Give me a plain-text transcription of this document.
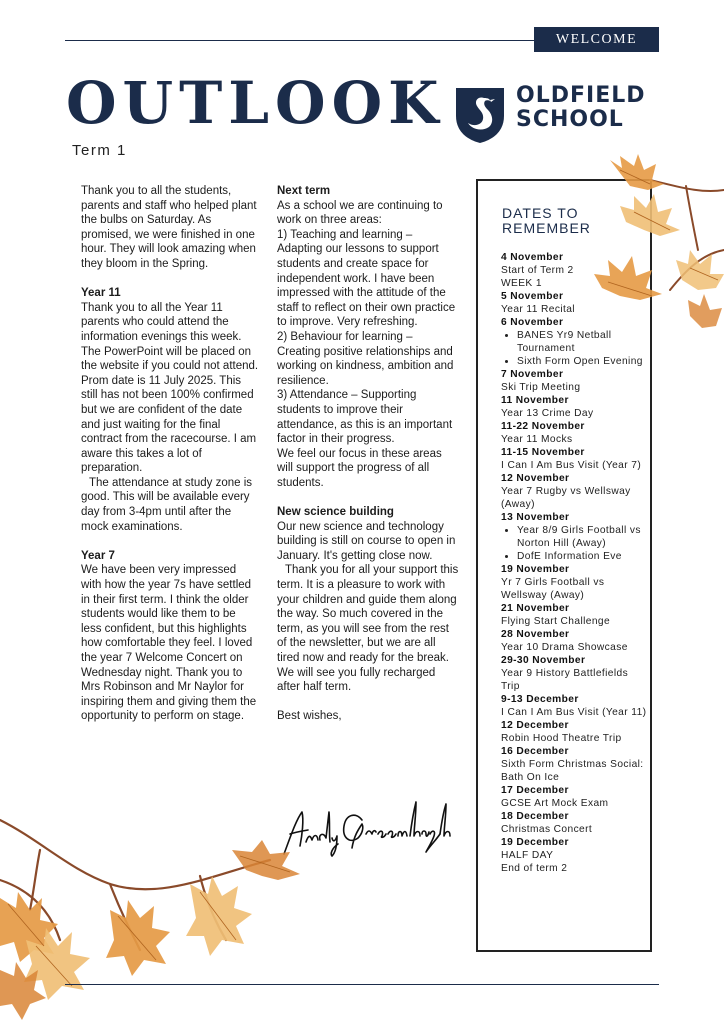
WELCOME
OUTLOOK
Term 1
OLDFIELD
SCHOOL

Thank you to all the students, parents and staff who helped plant the bulbs on Saturday. As promised, we were finished in one hour. They will look amazing when they bloom in the Spring.

Year 11

Thank you to all the Year 11 parents who could attend the information evenings this week. The PowerPoint will be placed on the website if you could not attend. Prom date is 11 July 2025. This still has not been 100% confirmed but we are confident of the date and just waiting for the final contract from the racecourse. I am aware this takes a lot of preparation.

The attendance at study zone is good. This will be available every day from 3-4pm until after the mock examinations.

Year 7

We have been very impressed with how the year 7s have settled in their first term. I think the older students would like them to be less confident, but this highlights how comfortable they feel. I loved the year 7 Welcome Concert on Wednesday night. Thank you to Mrs Robinson and Mr Naylor for inspiring them and giving them the opportunity to perform on stage.

Next term

As a school we are continuing to work on three areas:

1) Teaching and learning – Adapting our lessons to support students and create space for independent work. I have been impressed with the attitude of the staff to reflect on their own practice to improve. Very refreshing.

2) Behaviour for learning – Creating positive relationships and working on kindness, ambition and resilience.

3) Attendance – Supporting students to improve their attendance, as this is an important factor in their progress.

We feel our focus in these areas will support the progress of all students.

New science building

Our new science and technology building is still on course to open in January. It's getting close now.

Thank you for all your support this term. It is a pleasure to work with your children and guide them along the way. So much covered in the term, as you will see from the rest of the newsletter, but we are all tired now and ready for the break. We will see you fully recharged after half term.

Best wishes,

DATES TO
REMEMBER
4 November
Start of Term 2
WEEK 1
5 November
Year 11 Recital
6 November
• BANES Yr9 Netball Tournament
• Sixth Form Open Evening
7 November
Ski Trip Meeting
11 November
Year 13 Crime Day
11-22 November
Year 11 Mocks
11-15 November
I Can I Am Bus Visit (Year 7)
12 November
Year 7 Rugby vs Wellsway (Away)
13 November
• Year 8/9 Girls Football vs Norton Hill (Away)
• DofE Information Eve
19 November
Yr 7 Girls Football vs Wellsway (Away)
21 November
Flying Start Challenge
28 November
Year 10 Drama Showcase
29-30 November
Year 9 History Battlefields Trip
9-13 December
I Can I Am Bus Visit (Year 11)
12 December
Robin Hood Theatre Trip
16 December
Sixth Form Christmas Social: Bath On Ice
17 December
GCSE Art Mock Exam
18 December
Christmas Concert
19 December
HALF DAY
End of term 2
